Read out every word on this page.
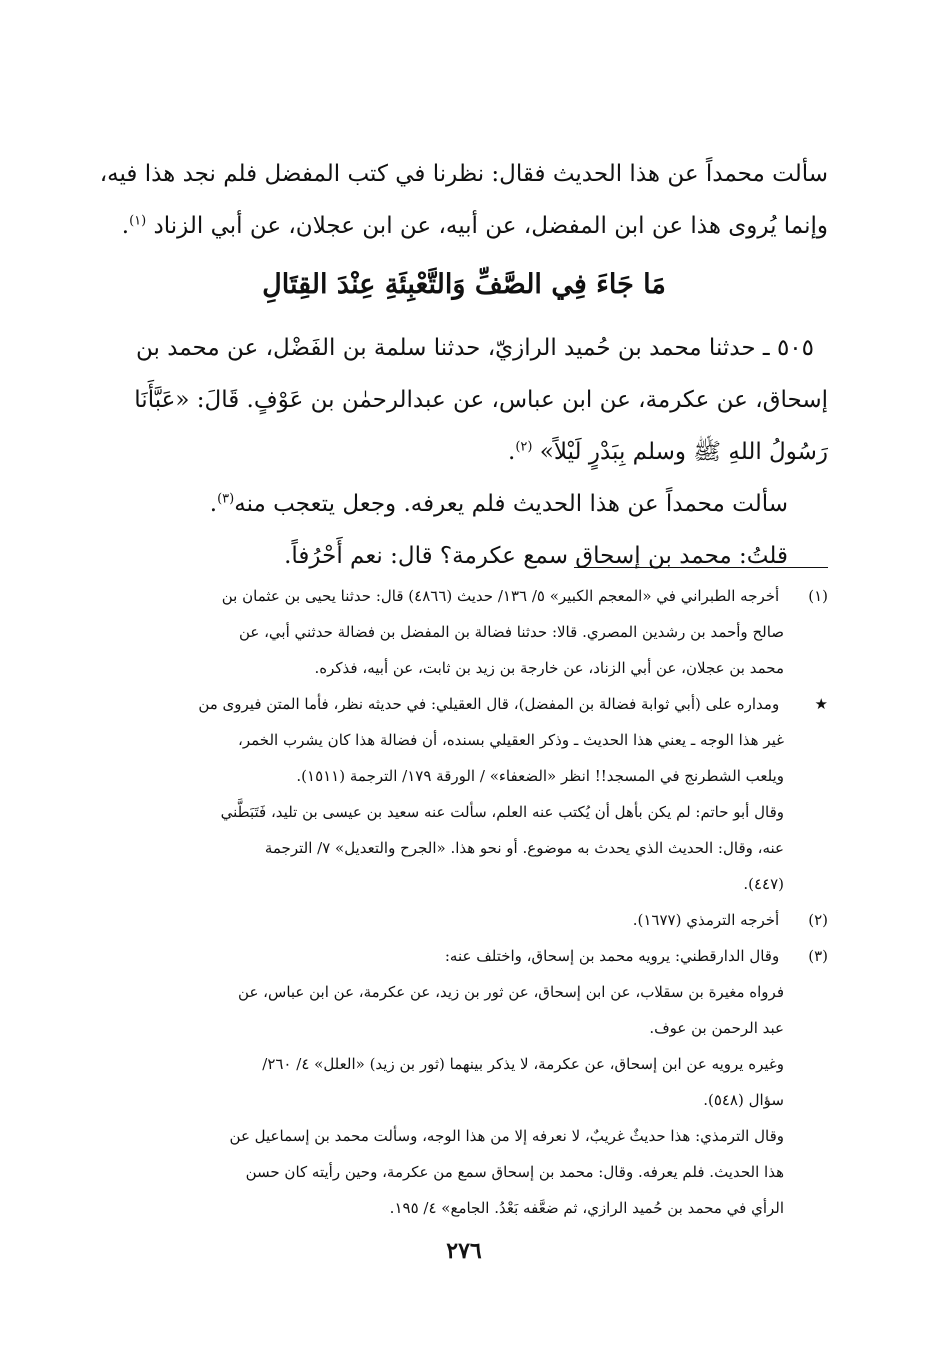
سألت محمداً عن هذا الحديث فقال: نظرنا في كتب المفضل فلم نجد هذا فيه،
وإنما يُروى هذا عن ابن المفضل، عن أبيه، عن ابن عجلان، عن أبي الزناد $^{(١)}$.
مَا جَاءَ فِي الصَّفِّ وَالتَّعْبِئَةِ عِنْدَ القِتَالِ
٥٠٥ ـ حدثنا محمد بن حُميد الرازيّ، حدثنا سلمة بن الفَضْل، عن محمد بن
إسحاق، عن عكرمة، عن ابن عباس، عن عبدالرحمٰن بن عَوْفٍ. قَالَ: «عَبَّأَنَا
رَسُولُ اللهِ ﷺ وسلم بِبَدْرٍ لَيْلاً» $^{(٢)}$.
سألت محمداً عن هذا الحديث فلم يعرفه. وجعل يتعجب منه$^{(٣)}$.
قلتُ: محمد بن إسحاق سمع عكرمة؟ قال: نعم أَحْرُفاً.
(١) أخرجه الطبراني في «المعجم الكبير» ٥/ ١٣٦/ حديث (٤٨٦٦) قال: حدثنا يحيى بن عثمان بن
صالح وأحمد بن رشدين المصري. قالا: حدثنا فضالة بن المفضل بن فضالة حدثني أبي، عن
محمد بن عجلان، عن أبي الزناد، عن خارجة بن زيد بن ثابت، عن أبيه، فذكره.
★ ومداره على (أبي ثوابة فضالة بن المفضل)، قال العقيلي: في حديثه نظر، فأما المتن فيروى من
غير هذا الوجه ـ يعني هذا الحديث ـ وذكر العقيلي بسنده، أن فضالة هذا كان يشرب الخمر،
ويلعب الشطرنج في المسجد!! انظر «الضعفاء» / الورقة ١٧٩/ الترجمة (١٥١١).
وقال أبو حاتم: لم يكن بأهل أن يُكتب عنه العلم، سألت عنه سعيد بن عيسى بن تليد، فَتَبَطَّني
عنه، وقال: الحديث الذي يحدث به موضوع. أو نحو هذا. «الجرح والتعديل» ٧/ الترجمة
(٤٤٧).
(٢) أخرجه الترمذي (١٦٧٧).
(٣) وقال الدارقطني: يرويه محمد بن إسحاق، واختلف عنه:
فرواه مغيرة بن سقلاب، عن ابن إسحاق، عن ثور بن زيد، عن عكرمة، عن ابن عباس، عن
عبد الرحمن بن عوف.
وغيره يرويه عن ابن إسحاق، عن عكرمة، لا يذكر بينهما (ثور بن زيد) «العلل» ٤/ ٢٦٠/
سؤال (٥٤٨).
وقال الترمذي: هذا حديثٌ غريبٌ، لا نعرفه إلا من هذا الوجه، وسألت محمد بن إسماعيل عن
هذا الحديث. فلم يعرفه. وقال: محمد بن إسحاق سمع من عكرمة، وحين رأيته كان حسن
الرأي في محمد بن حُميد الرازي، ثم ضعَّفه بَعْدُ. الجامع» ٤/ ١٩٥.
٢٧٦
